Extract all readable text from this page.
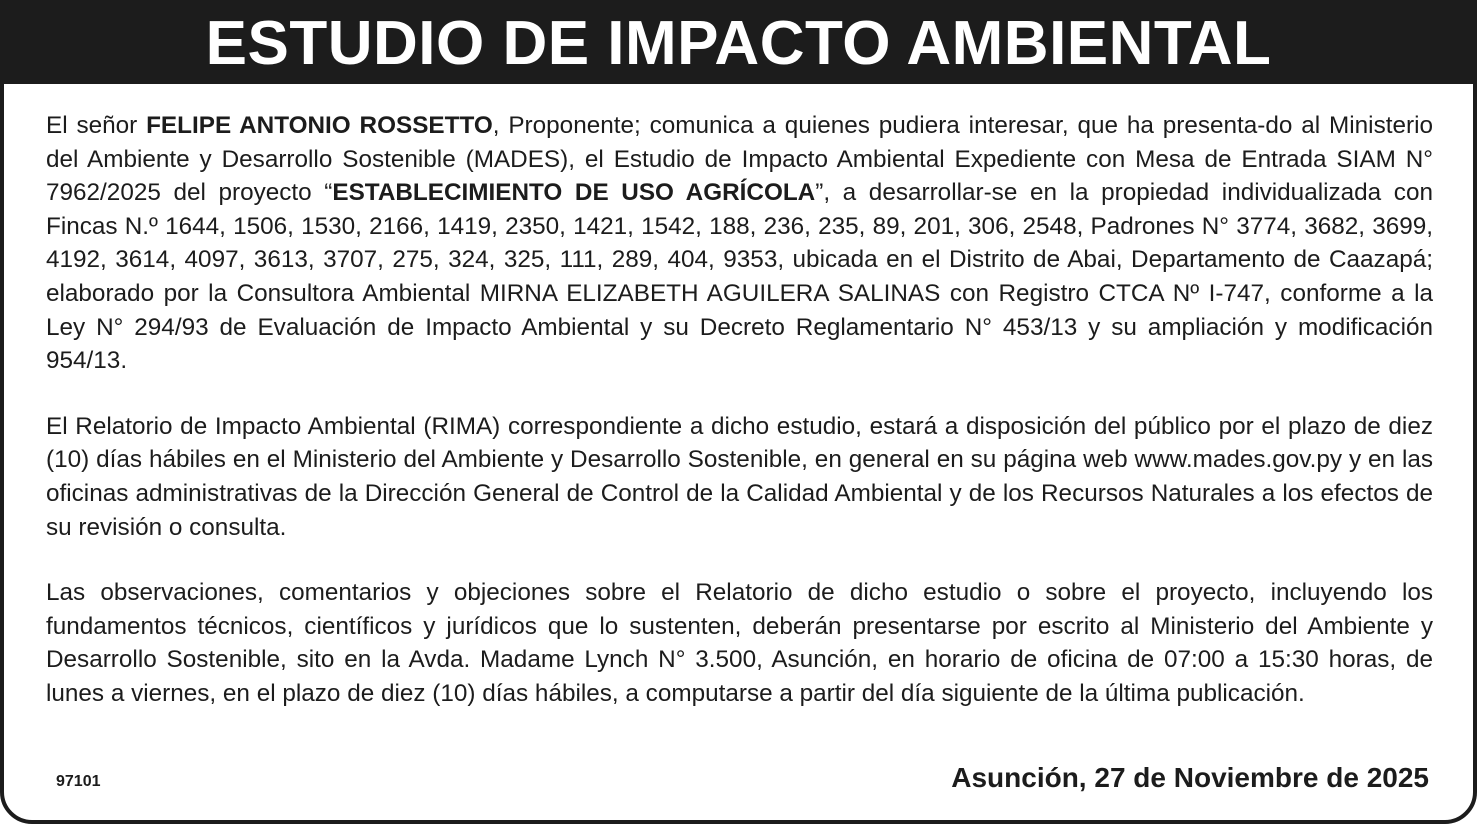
ESTUDIO DE IMPACTO AMBIENTAL

El señor FELIPE ANTONIO ROSSETTO, Proponente; comunica a quienes pudiera interesar, que ha presenta-do al Ministerio del Ambiente y Desarrollo Sostenible (MADES), el Estudio de Impacto Ambiental Expediente con Mesa de Entrada SIAM N° 7962/2025 del proyecto “ESTABLECIMIENTO DE USO AGRÍCOLA”, a desarrollar-se en la propiedad individualizada con Fincas N.º 1644, 1506, 1530, 2166, 1419, 2350, 1421, 1542, 188, 236, 235, 89, 201, 306, 2548, Padrones N° 3774, 3682, 3699, 4192, 3614, 4097, 3613, 3707, 275, 324, 325, 111, 289, 404, 9353, ubicada en el Distrito de Abai, Departamento de Caazapá; elaborado por la Consultora Ambiental MIRNA ELIZABETH AGUILERA SALINAS con Registro CTCA Nº I-747, conforme a la Ley N° 294/93 de Evaluación de Impacto Ambiental y su Decreto Reglamentario N° 453/13 y su ampliación y modificación 954/13.

El Relatorio de Impacto Ambiental (RIMA) correspondiente a dicho estudio, estará a disposición del público por el plazo de diez (10) días hábiles en el Ministerio del Ambiente y Desarrollo Sostenible, en general en su página web www.mades.gov.py y en las oficinas administrativas de la Dirección General de Control de la Calidad Ambiental y de los Recursos Naturales a los efectos de su revisión o consulta.

Las observaciones, comentarios y objeciones sobre el Relatorio de dicho estudio o sobre el proyecto, incluyendo los fundamentos técnicos, científicos y jurídicos que lo sustenten, deberán presentarse por escrito al Ministerio del Ambiente y Desarrollo Sostenible, sito en la Avda. Madame Lynch N° 3.500, Asunción, en horario de oficina de 07:00 a 15:30 horas, de lunes a viernes, en el plazo de diez (10) días hábiles, a computarse a partir del día siguiente de la última publicación.

97101	Asunción, 27 de Noviembre de 2025
